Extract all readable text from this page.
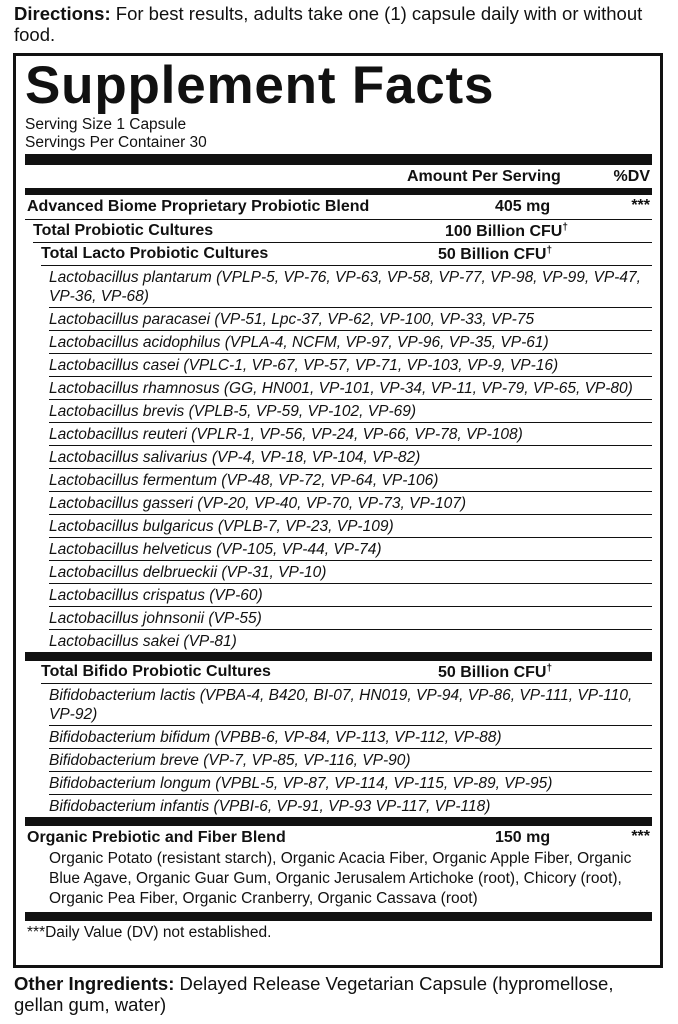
Directions: For best results, adults take one (1) capsule daily with or without food.
Supplement Facts
Serving Size 1 Capsule
Servings Per Container 30
Amount Per Serving	%DV
Advanced Biome Proprietary Probiotic Blend	405 mg	***
Total Probiotic Cultures	100 Billion CFU†
Total Lacto Probiotic Cultures	50 Billion CFU†
Lactobacillus plantarum (VPLP-5, VP-76, VP-63, VP-58, VP-77, VP-98, VP-99, VP-47, VP-36, VP-68)
Lactobacillus paracasei (VP-51, Lpc-37, VP-62, VP-100, VP-33, VP-75
Lactobacillus acidophilus (VPLA-4, NCFM, VP-97, VP-96, VP-35, VP-61)
Lactobacillus casei (VPLC-1, VP-67, VP-57, VP-71, VP-103, VP-9, VP-16)
Lactobacillus rhamnosus (GG, HN001, VP-101, VP-34, VP-11, VP-79, VP-65, VP-80)
Lactobacillus brevis (VPLB-5, VP-59, VP-102, VP-69)
Lactobacillus reuteri (VPLR-1, VP-56, VP-24, VP-66, VP-78, VP-108)
Lactobacillus salivarius (VP-4, VP-18, VP-104, VP-82)
Lactobacillus fermentum (VP-48, VP-72, VP-64, VP-106)
Lactobacillus gasseri (VP-20, VP-40, VP-70, VP-73, VP-107)
Lactobacillus bulgaricus (VPLB-7, VP-23, VP-109)
Lactobacillus helveticus (VP-105, VP-44, VP-74)
Lactobacillus delbrueckii (VP-31, VP-10)
Lactobacillus crispatus (VP-60)
Lactobacillus johnsonii (VP-55)
Lactobacillus sakei (VP-81)
Total Bifido Probiotic Cultures	50 Billion CFU†
Bifidobacterium lactis (VPBA-4, B420, BI-07, HN019, VP-94, VP-86, VP-111, VP-110, VP-92)
Bifidobacterium bifidum (VPBB-6, VP-84, VP-113, VP-112, VP-88)
Bifidobacterium breve (VP-7, VP-85, VP-116, VP-90)
Bifidobacterium longum (VPBL-5, VP-87, VP-114, VP-115, VP-89, VP-95)
Bifidobacterium infantis (VPBI-6, VP-91, VP-93 VP-117, VP-118)
Organic Prebiotic and Fiber Blend	150 mg	***
Organic Potato (resistant starch), Organic Acacia Fiber, Organic Apple Fiber, Organic Blue Agave, Organic Guar Gum, Organic Jerusalem Artichoke (root), Chicory (root), Organic Pea Fiber, Organic Cranberry, Organic Cassava (root)
***Daily Value (DV) not established.
Other Ingredients: Delayed Release Vegetarian Capsule (hypromellose, gellan gum, water)
